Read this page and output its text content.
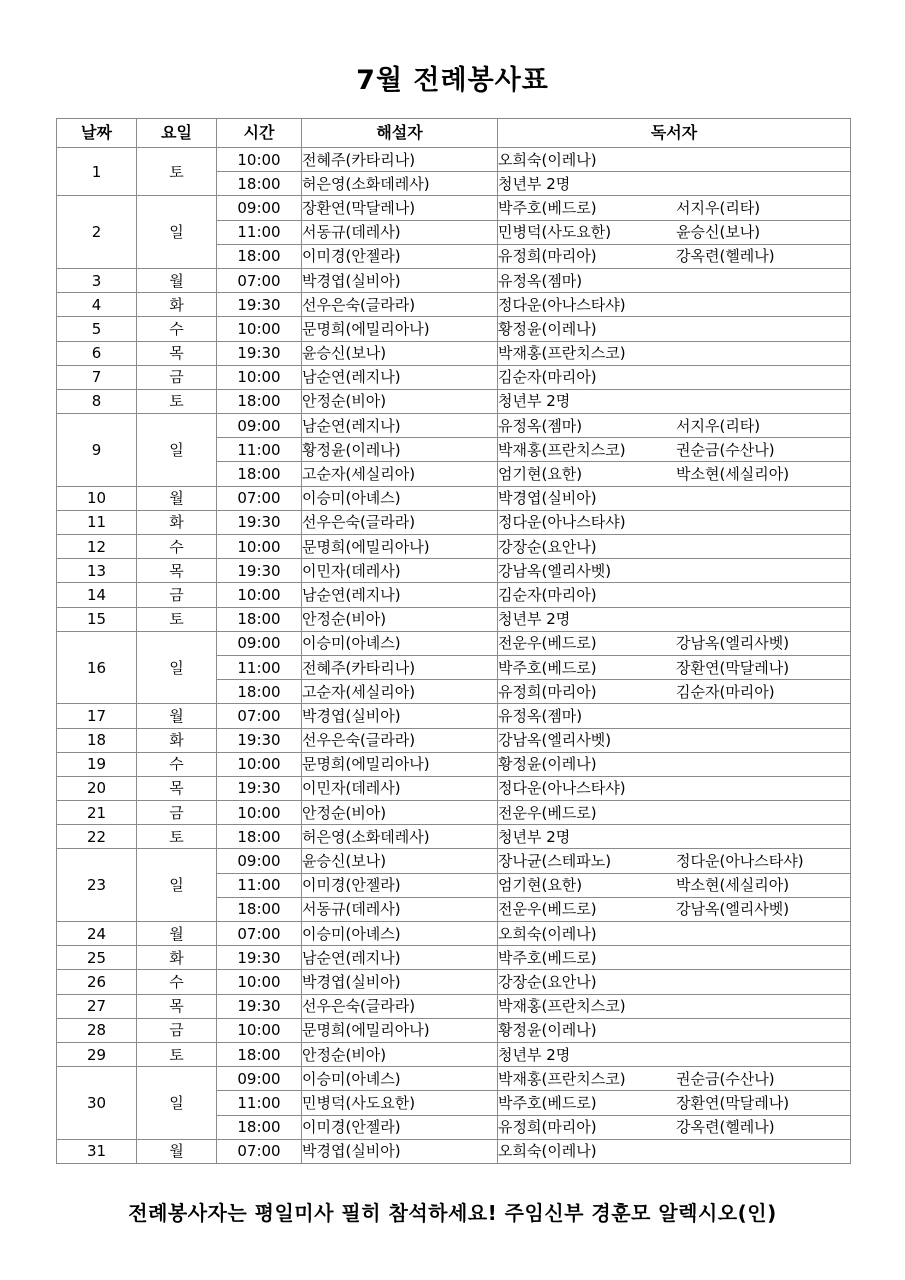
7월 전례봉사표
날짜	요일	시간	해설자	독서자
1	토	10:00	전혜주(카타리나)	오희숙(이레나)
		18:00	허은영(소화데레사)	청년부 2명
2	일	09:00	장환연(막달레나)	박주호(베드로) 서지우(리타)
		11:00	서동규(데레사)	민병덕(사도요한) 윤승신(보나)
		18:00	이미경(안젤라)	유정희(마리아) 강옥련(헬레나)
3	월	07:00	박경엽(실비아)	유정옥(젬마)
4	화	19:30	선우은숙(글라라)	정다운(아나스타샤)
5	수	10:00	문명희(에밀리아나)	황정윤(이레나)
6	목	19:30	윤승신(보나)	박재홍(프란치스코)
7	금	10:00	남순연(레지나)	김순자(마리아)
8	토	18:00	안정순(비아)	청년부 2명
9	일	09:00	남순연(레지나)	유정옥(젬마) 서지우(리타)
		11:00	황정윤(이레나)	박재홍(프란치스코) 권순금(수산나)
		18:00	고순자(세실리아)	엄기현(요한) 박소현(세실리아)
10	월	07:00	이승미(아녜스)	박경엽(실비아)
11	화	19:30	선우은숙(글라라)	정다운(아나스타샤)
12	수	10:00	문명희(에밀리아나)	강장순(요안나)
13	목	19:30	이민자(데레사)	강남옥(엘리사벳)
14	금	10:00	남순연(레지나)	김순자(마리아)
15	토	18:00	안정순(비아)	청년부 2명
16	일	09:00	이승미(아녜스)	전운우(베드로) 강남옥(엘리사벳)
		11:00	전혜주(카타리나)	박주호(베드로) 장환연(막달레나)
		18:00	고순자(세실리아)	유정희(마리아) 김순자(마리아)
17	월	07:00	박경엽(실비아)	유정옥(젬마)
18	화	19:30	선우은숙(글라라)	강남옥(엘리사벳)
19	수	10:00	문명희(에밀리아나)	황정윤(이레나)
20	목	19:30	이민자(데레사)	정다운(아나스타샤)
21	금	10:00	안정순(비아)	전운우(베드로)
22	토	18:00	허은영(소화데레사)	청년부 2명
23	일	09:00	윤승신(보나)	장나균(스테파노) 정다운(아나스타샤)
		11:00	이미경(안젤라)	엄기현(요한) 박소현(세실리아)
		18:00	서동규(데레사)	전운우(베드로) 강남옥(엘리사벳)
24	월	07:00	이승미(아녜스)	오희숙(이레나)
25	화	19:30	남순연(레지나)	박주호(베드로)
26	수	10:00	박경엽(실비아)	강장순(요안나)
27	목	19:30	선우은숙(글라라)	박재홍(프란치스코)
28	금	10:00	문명희(에밀리아나)	황정윤(이레나)
29	토	18:00	안정순(비아)	청년부 2명
30	일	09:00	이승미(아녜스)	박재홍(프란치스코) 권순금(수산나)
		11:00	민병덕(사도요한)	박주호(베드로) 장환연(막달레나)
		18:00	이미경(안젤라)	유정희(마리아) 강옥련(헬레나)
31	월	07:00	박경엽(실비아)	오희숙(이레나)
전례봉사자는 평일미사 필히 참석하세요! 주임신부 경훈모 알렉시오(인)
